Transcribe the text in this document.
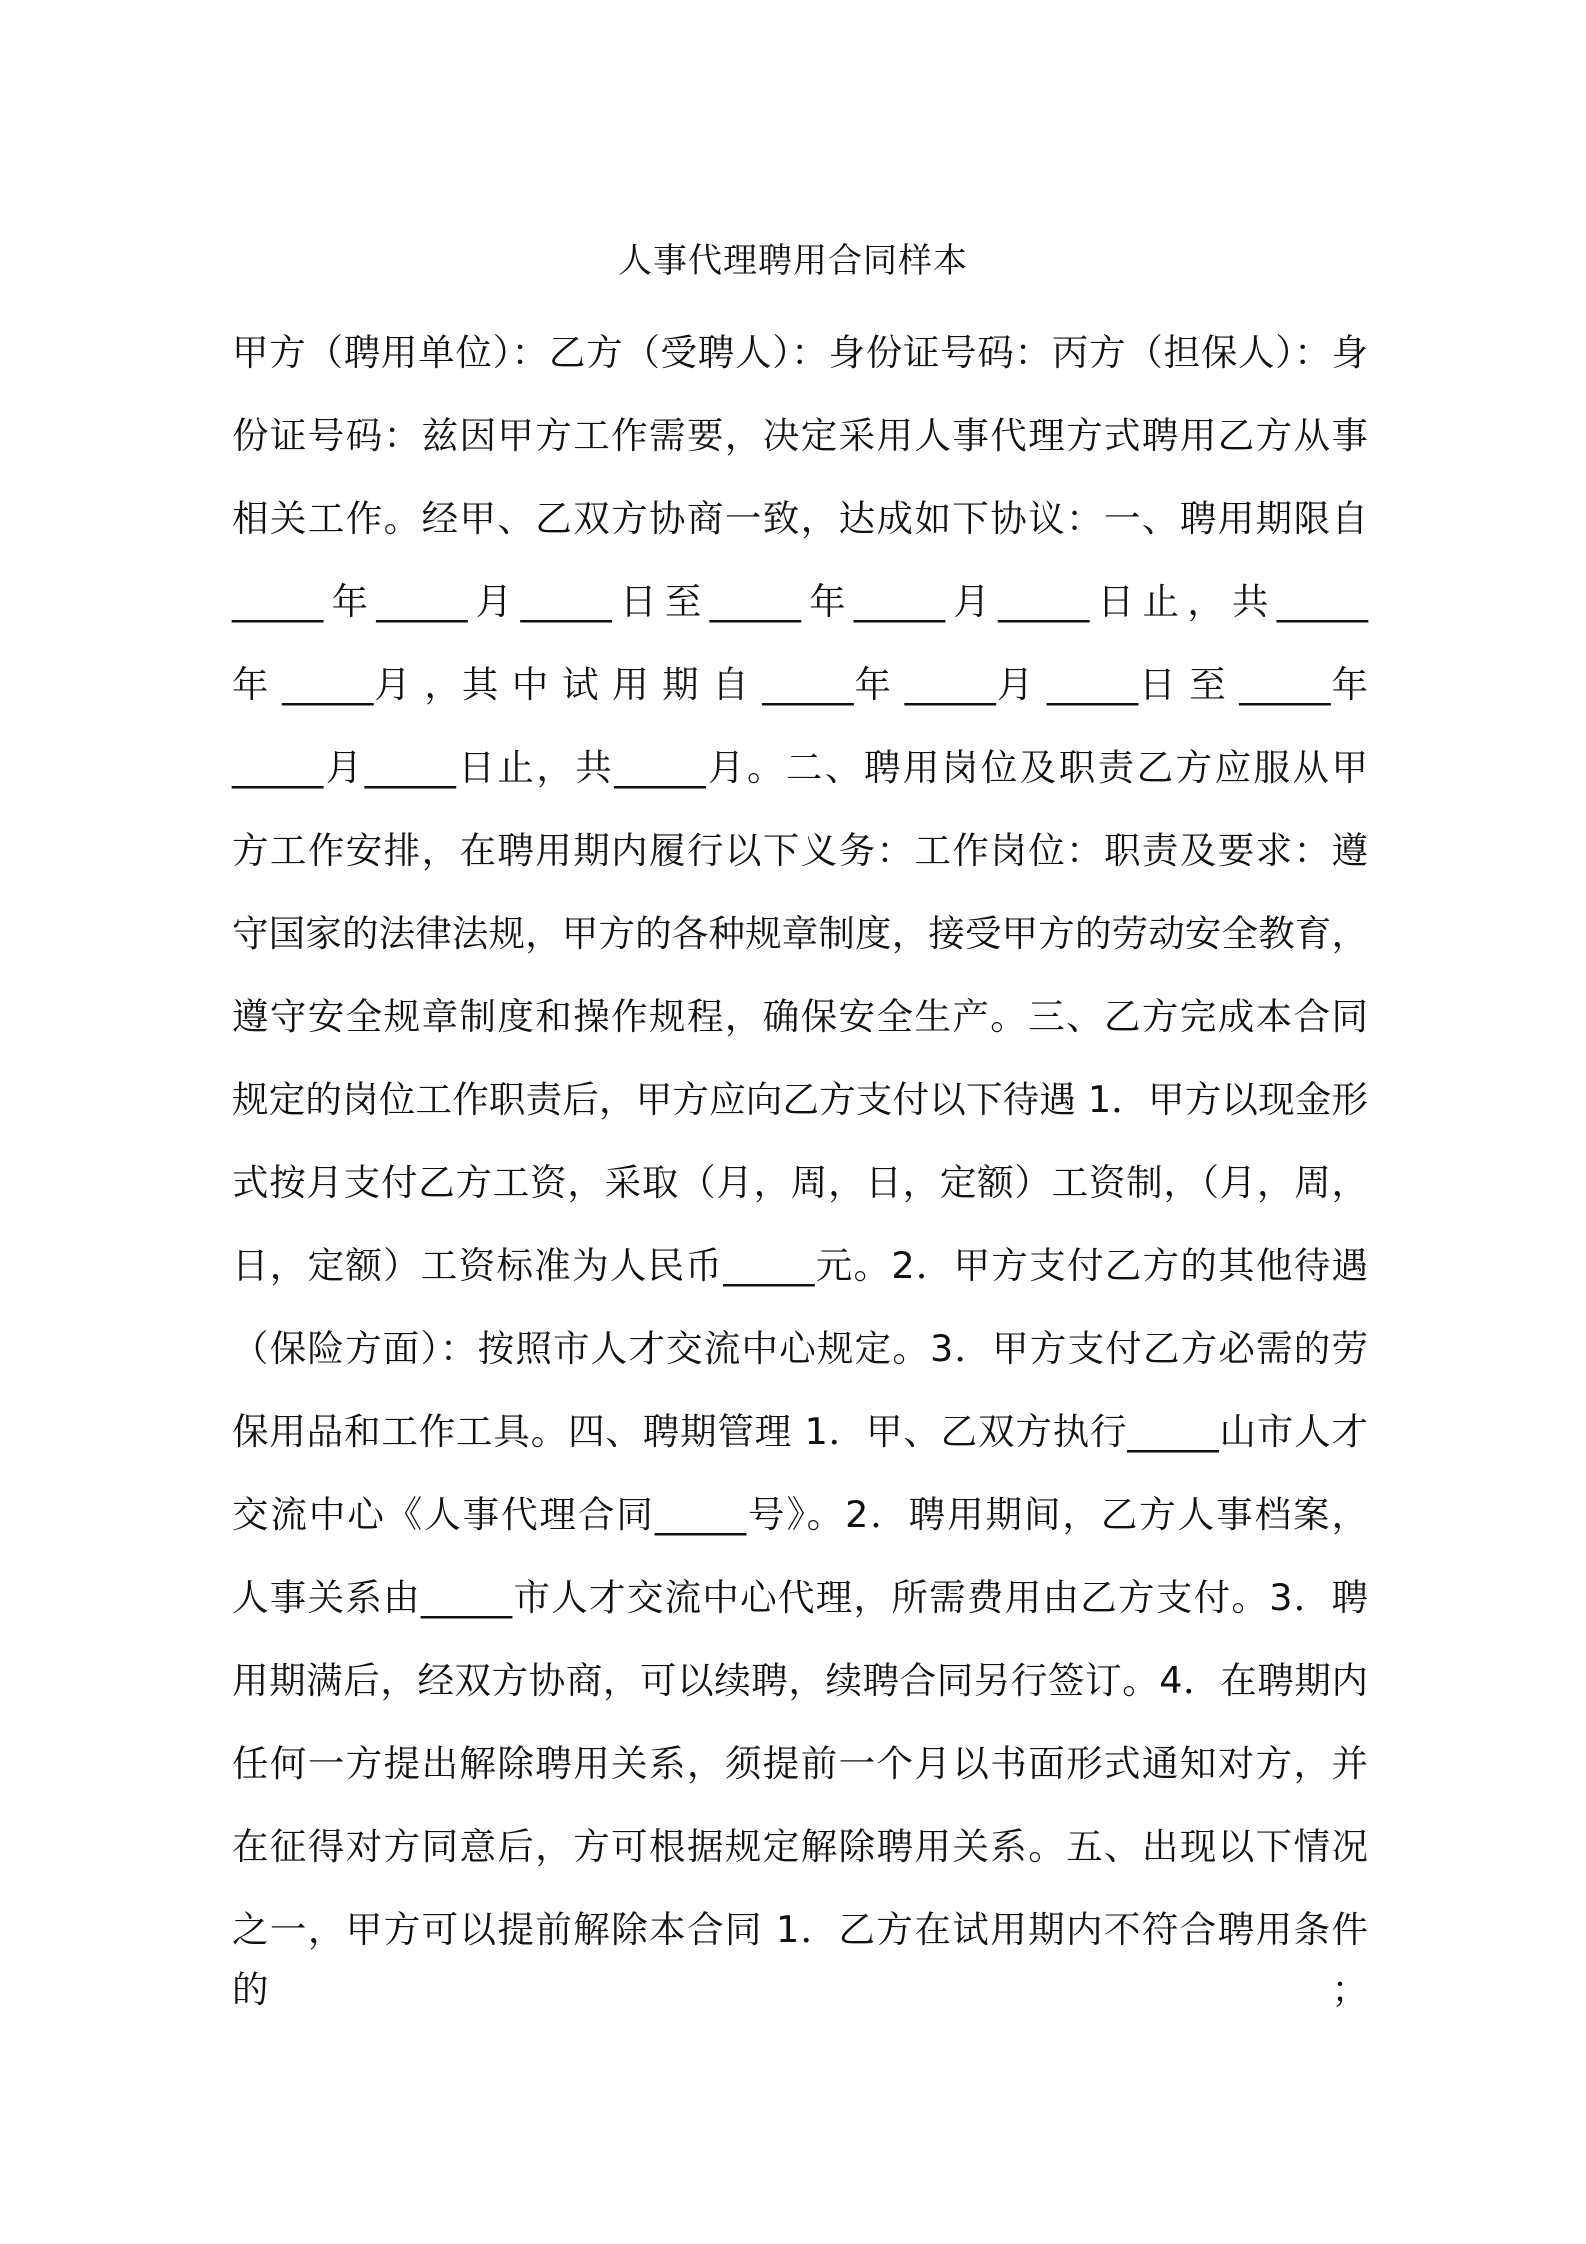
人事代理聘用合同样本
甲方（聘用单位）：乙方（受聘人）：身份证号码：丙方（担保人）：身
份证号码：兹因甲方工作需要，决定采用人事代理方式聘用乙方从事
相关工作。经甲、乙双方协商一致，达成如下协议：一、聘用期限自
_____年_____月_____日至_____年_____月_____日止，共_____
年 _____月 ，其 中 试 用 期 自 _____年 _____月 _____日 至 _____年
_____月_____日止，共_____月。二、聘用岗位及职责乙方应服从甲
方工作安排，在聘用期内履行以下义务：工作岗位：职责及要求：遵
守国家的法律法规，甲方的各种规章制度，接受甲方的劳动安全教育，
遵守安全规章制度和操作规程，确保安全生产。三、乙方完成本合同
规定的岗位工作职责后，甲方应向乙方支付以下待遇 1．甲方以现金形
式按月支付乙方工资，采取（月，周，日，定额）工资制，（月，周，
日，定额）工资标准为人民币_____元。2．甲方支付乙方的其他待遇
（保险方面）：按照市人才交流中心规定。3．甲方支付乙方必需的劳
保用品和工作工具。四、聘期管理 1．甲、乙双方执行_____山市人才
交流中心《人事代理合同_____号》。2．聘用期间，乙方人事档案，
人事关系由_____市人才交流中心代理，所需费用由乙方支付。3．聘
用期满后，经双方协商，可以续聘，续聘合同另行签订。4．在聘期内
任何一方提出解除聘用关系，须提前一个月以书面形式通知对方，并
在征得对方同意后，方可根据规定解除聘用关系。五、出现以下情况
之一，甲方可以提前解除本合同 1．乙方在试用期内不符合聘用条件的；
